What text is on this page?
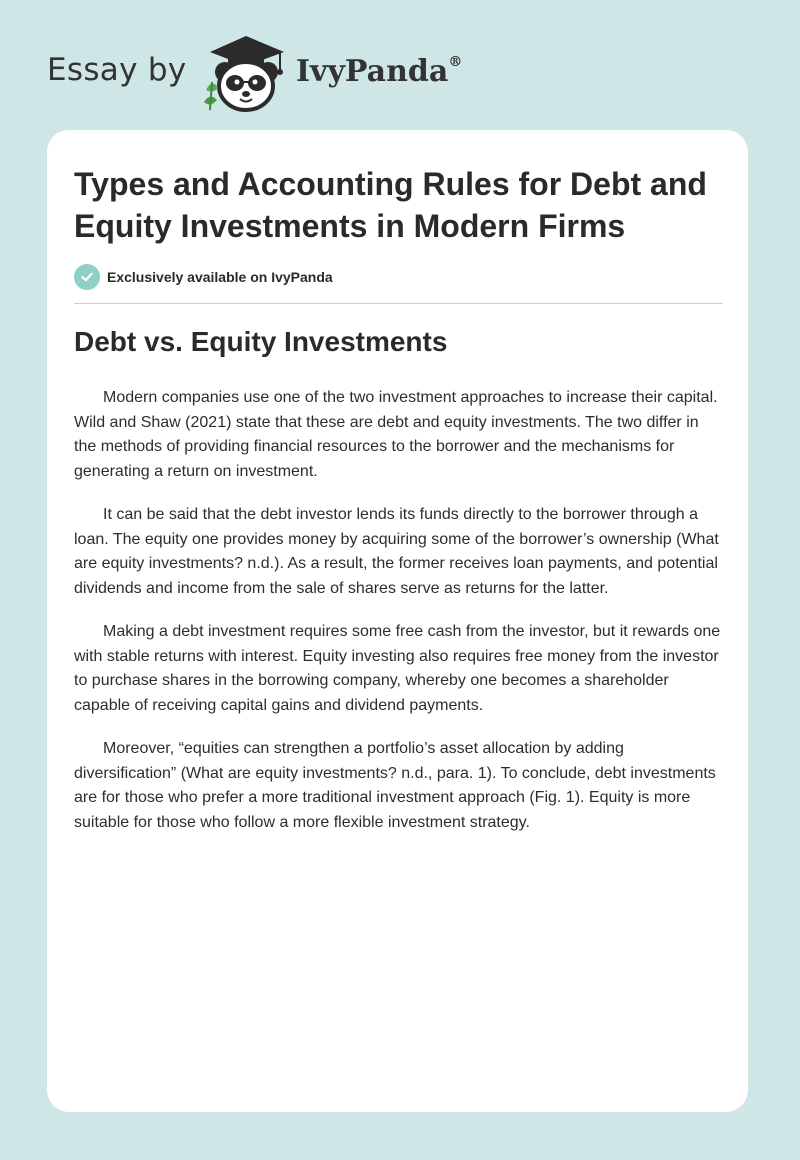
Essay by	IvyPanda®
Types and Accounting Rules for Debt and Equity Investments in Modern Firms
Exclusively available on IvyPanda
Debt vs. Equity Investments

Modern companies use one of the two investment approaches to increase their capital. Wild and Shaw (2021) state that these are debt and equity investments. The two differ in the methods of providing financial resources to the borrower and the mechanisms for generating a return on investment.

It can be said that the debt investor lends its funds directly to the borrower through a loan. The equity one provides money by acquiring some of the borrower’s ownership (What are equity investments? n.d.). As a result, the former receives loan payments, and potential dividends and income from the sale of shares serve as returns for the latter.

Making a debt investment requires some free cash from the investor, but it rewards one with stable returns with interest. Equity investing also requires free money from the investor to purchase shares in the borrowing company, whereby one becomes a shareholder capable of receiving capital gains and dividend payments.

Moreover, “equities can strengthen a portfolio’s asset allocation by adding diversification” (What are equity investments? n.d., para. 1). To conclude, debt investments are for those who prefer a more traditional investment approach (Fig. 1). Equity is more suitable for those who follow a more flexible investment strategy.
